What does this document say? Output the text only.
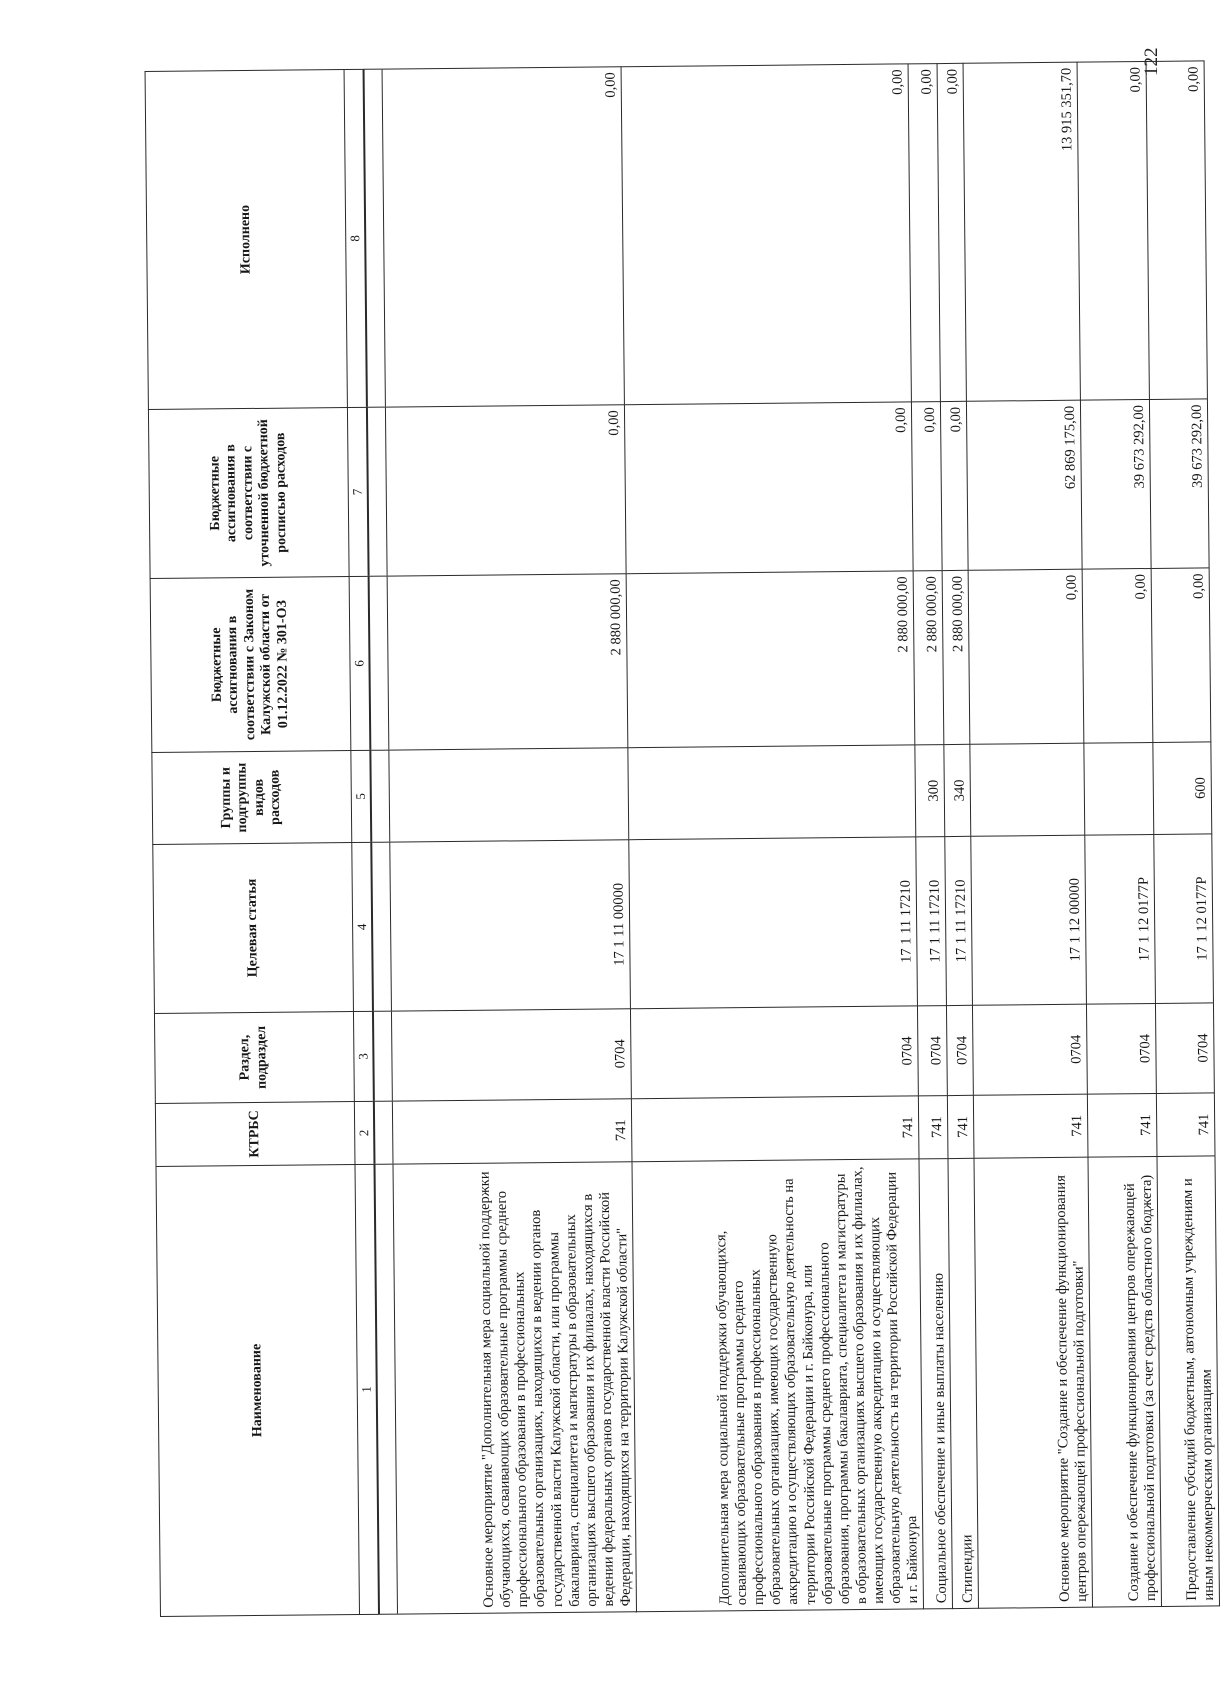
122
Наименование	КТРБС	Раздел, подраздел	Целевая статья	Группы и подгруппы видов расходов	Бюджетные ассигнования в соответствии с Законом Калужской области от 01.12.2022 № 301-ОЗ	Бюджетные ассигнования в соответствии с уточненной бюджетной росписью расходов	Исполнено
1	2	3	4	5	6	7	8

Основное мероприятие "Дополнительная мера социальной поддержки обучающихся, осваивающих образовательные программы среднего профессионального образования в профессиональных образовательных организациях, находящихся в ведении органов государственной власти Калужской области, или программы бакалавриата, специалитета и магистратуры в образовательных организациях высшего образования и их филиалах, находящихся в ведении федеральных органов государственной власти Российской Федерации, находящихся на территории Калужской области"	741	0704	17 1 11 00000		2 880 000,00	0,00	0,00
Дополнительная мера социальной поддержки обучающихся, осваивающих образовательные программы среднего профессионального образования в профессиональных образовательных организациях, имеющих государственную аккредитацию и осуществляющих образовательную деятельность на территории Российской Федерации и г. Байконура, или образовательные программы среднего профессионального образования, программы бакалавриата, специалитета и магистратуры в образовательных организациях высшего образования и их филиалах, имеющих государственную аккредитацию и осуществляющих образовательную деятельность на территории Российской Федерации и г. Байконура	741	0704	17 1 11 17210		2 880 000,00	0,00	0,00
Социальное обеспечение и иные выплаты населению	741	0704	17 1 11 17210	300	2 880 000,00	0,00	0,00
Стипендии	741	0704	17 1 11 17210	340	2 880 000,00	0,00	0,00
Основное мероприятие "Создание и обеспечение функционирования центров опережающей профессиональной подготовки"	741	0704	17 1 12 00000		0,00	62 869 175,00	13 915 351,70
Создание и обеспечение функционирования центров опережающей профессиональной подготовки (за счет средств областного бюджета)	741	0704	17 1 12 0177Р		0,00	39 673 292,00	0,00
Предоставление субсидий бюджетным, автономным учреждениям и иным некоммерческим организациям	741	0704	17 1 12 0177Р	600	0,00	39 673 292,00	0,00
